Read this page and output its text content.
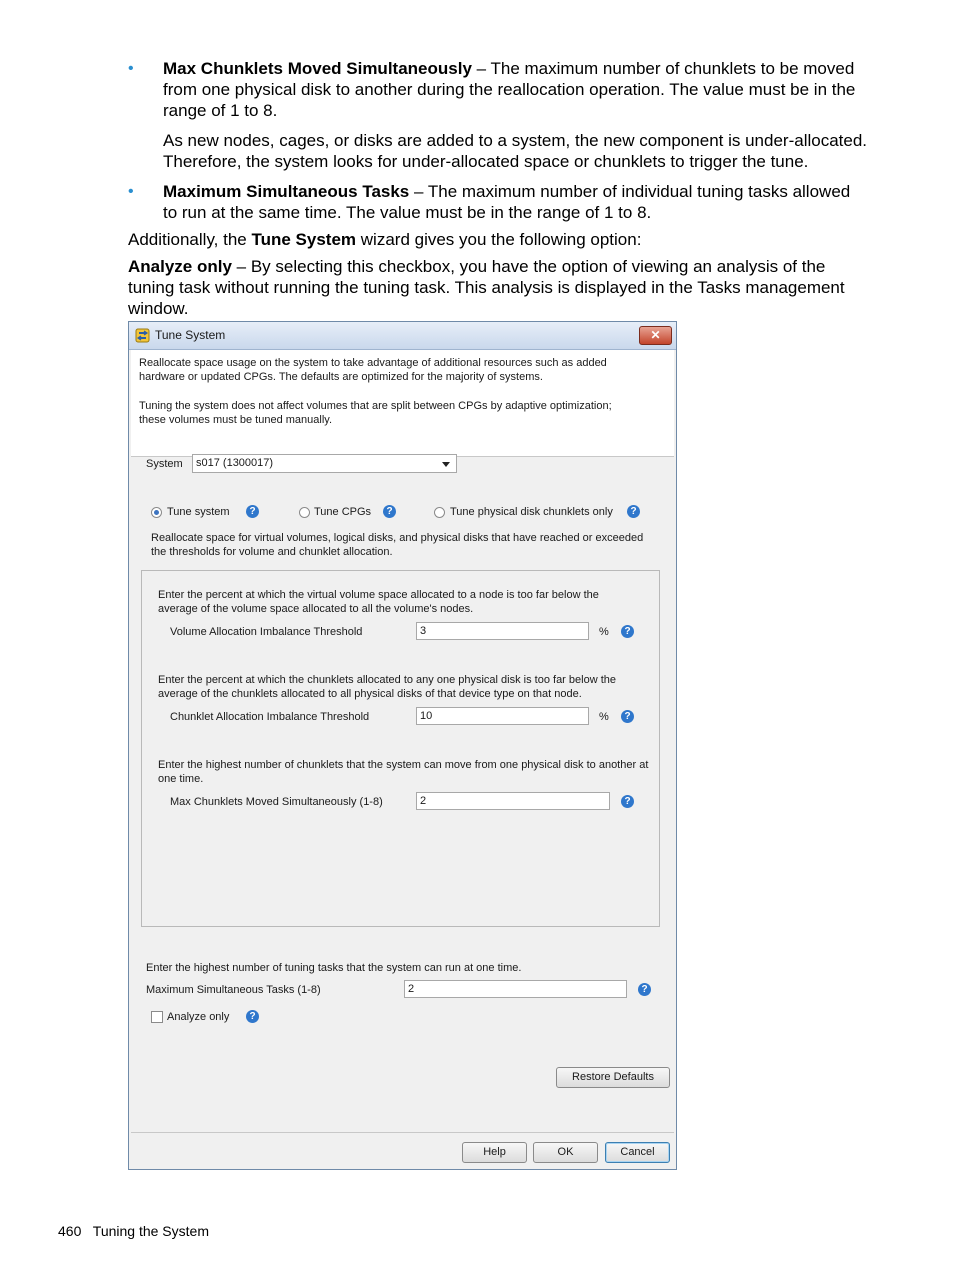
• Max Chunklets Moved Simultaneously – The maximum number of chunklets to be moved from one physical disk to another during the reallocation operation. The value must be in the range of 1 to 8.

As new nodes, cages, or disks are added to a system, the new component is under-allocated. Therefore, the system looks for under-allocated space or chunklets to trigger the tune.

• Maximum Simultaneous Tasks – The maximum number of individual tuning tasks allowed to run at the same time. The value must be in the range of 1 to 8.

Additionally, the Tune System wizard gives you the following option:

Analyze only – By selecting this checkbox, you have the option of viewing an analysis of the tuning task without running the tuning task. This analysis is displayed in the Tasks management window.

Tune System	✕
Reallocate space usage on the system to take advantage of additional resources such as added hardware or updated CPGs. The defaults are optimized for the majority of systems.
Tuning the system does not affect volumes that are split between CPGs by adaptive optimization; these volumes must be tuned manually.
System	s017 (1300017)
Tune system	?	Tune CPGs	?	Tune physical disk chunklets only	?
Reallocate space for virtual volumes, logical disks, and physical disks that have reached or exceeded the thresholds for volume and chunklet allocation.
Enter the percent at which the virtual volume space allocated to a node is too far below the average of the volume space allocated to all the volume's nodes.
Volume Allocation Imbalance Threshold	3	%	?
Enter the percent at which the chunklets allocated to any one physical disk is too far below the average of the chunklets allocated to all physical disks of that device type on that node.
Chunklet Allocation Imbalance Threshold	10	%	?
Enter the highest number of chunklets that the system can move from one physical disk to another at one time.
Max Chunklets Moved Simultaneously (1-8)	2	?
Enter the highest number of tuning tasks that the system can run at one time.
Maximum Simultaneous Tasks (1-8)	2	?
Analyze only	?
Restore Defaults
Help	OK	Cancel
460 Tuning the System
